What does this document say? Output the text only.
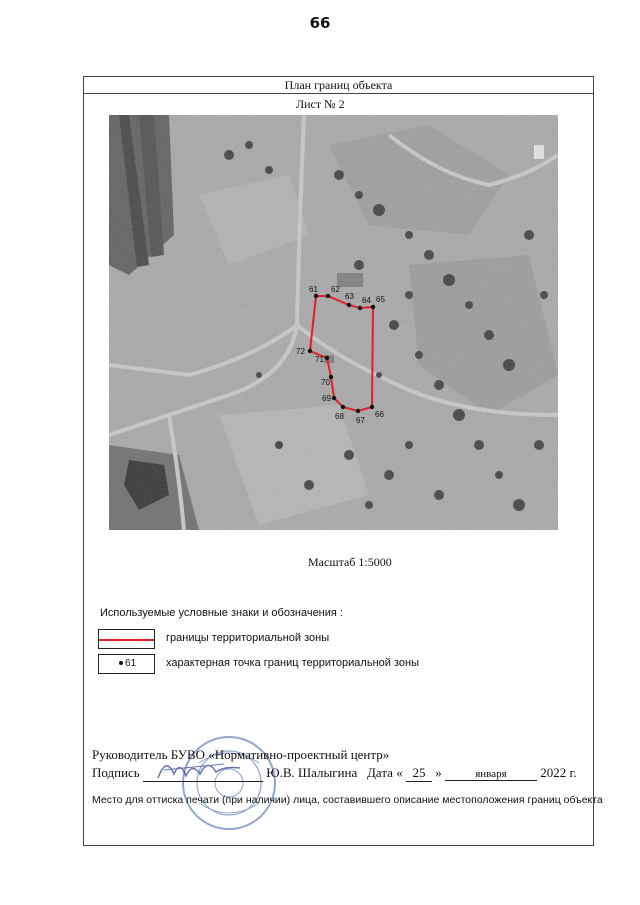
66
План границ объекта
Лист № 2
61 62
63 64 65
66
67
68
69
70
71
72
Масштаб 1:5000
Используемые условные знаки и обозначения :
границы территориальной зоны
61	характерная точка границ территориальной зоны
Руководитель БУВО «Нормативно-проектный центр»
Подпись	Ю.В. Шалыгина Дата « 25 »	января	2022 г.
Место для оттиска печати (при наличии) лица, составившего описание местоположения границ объекта
